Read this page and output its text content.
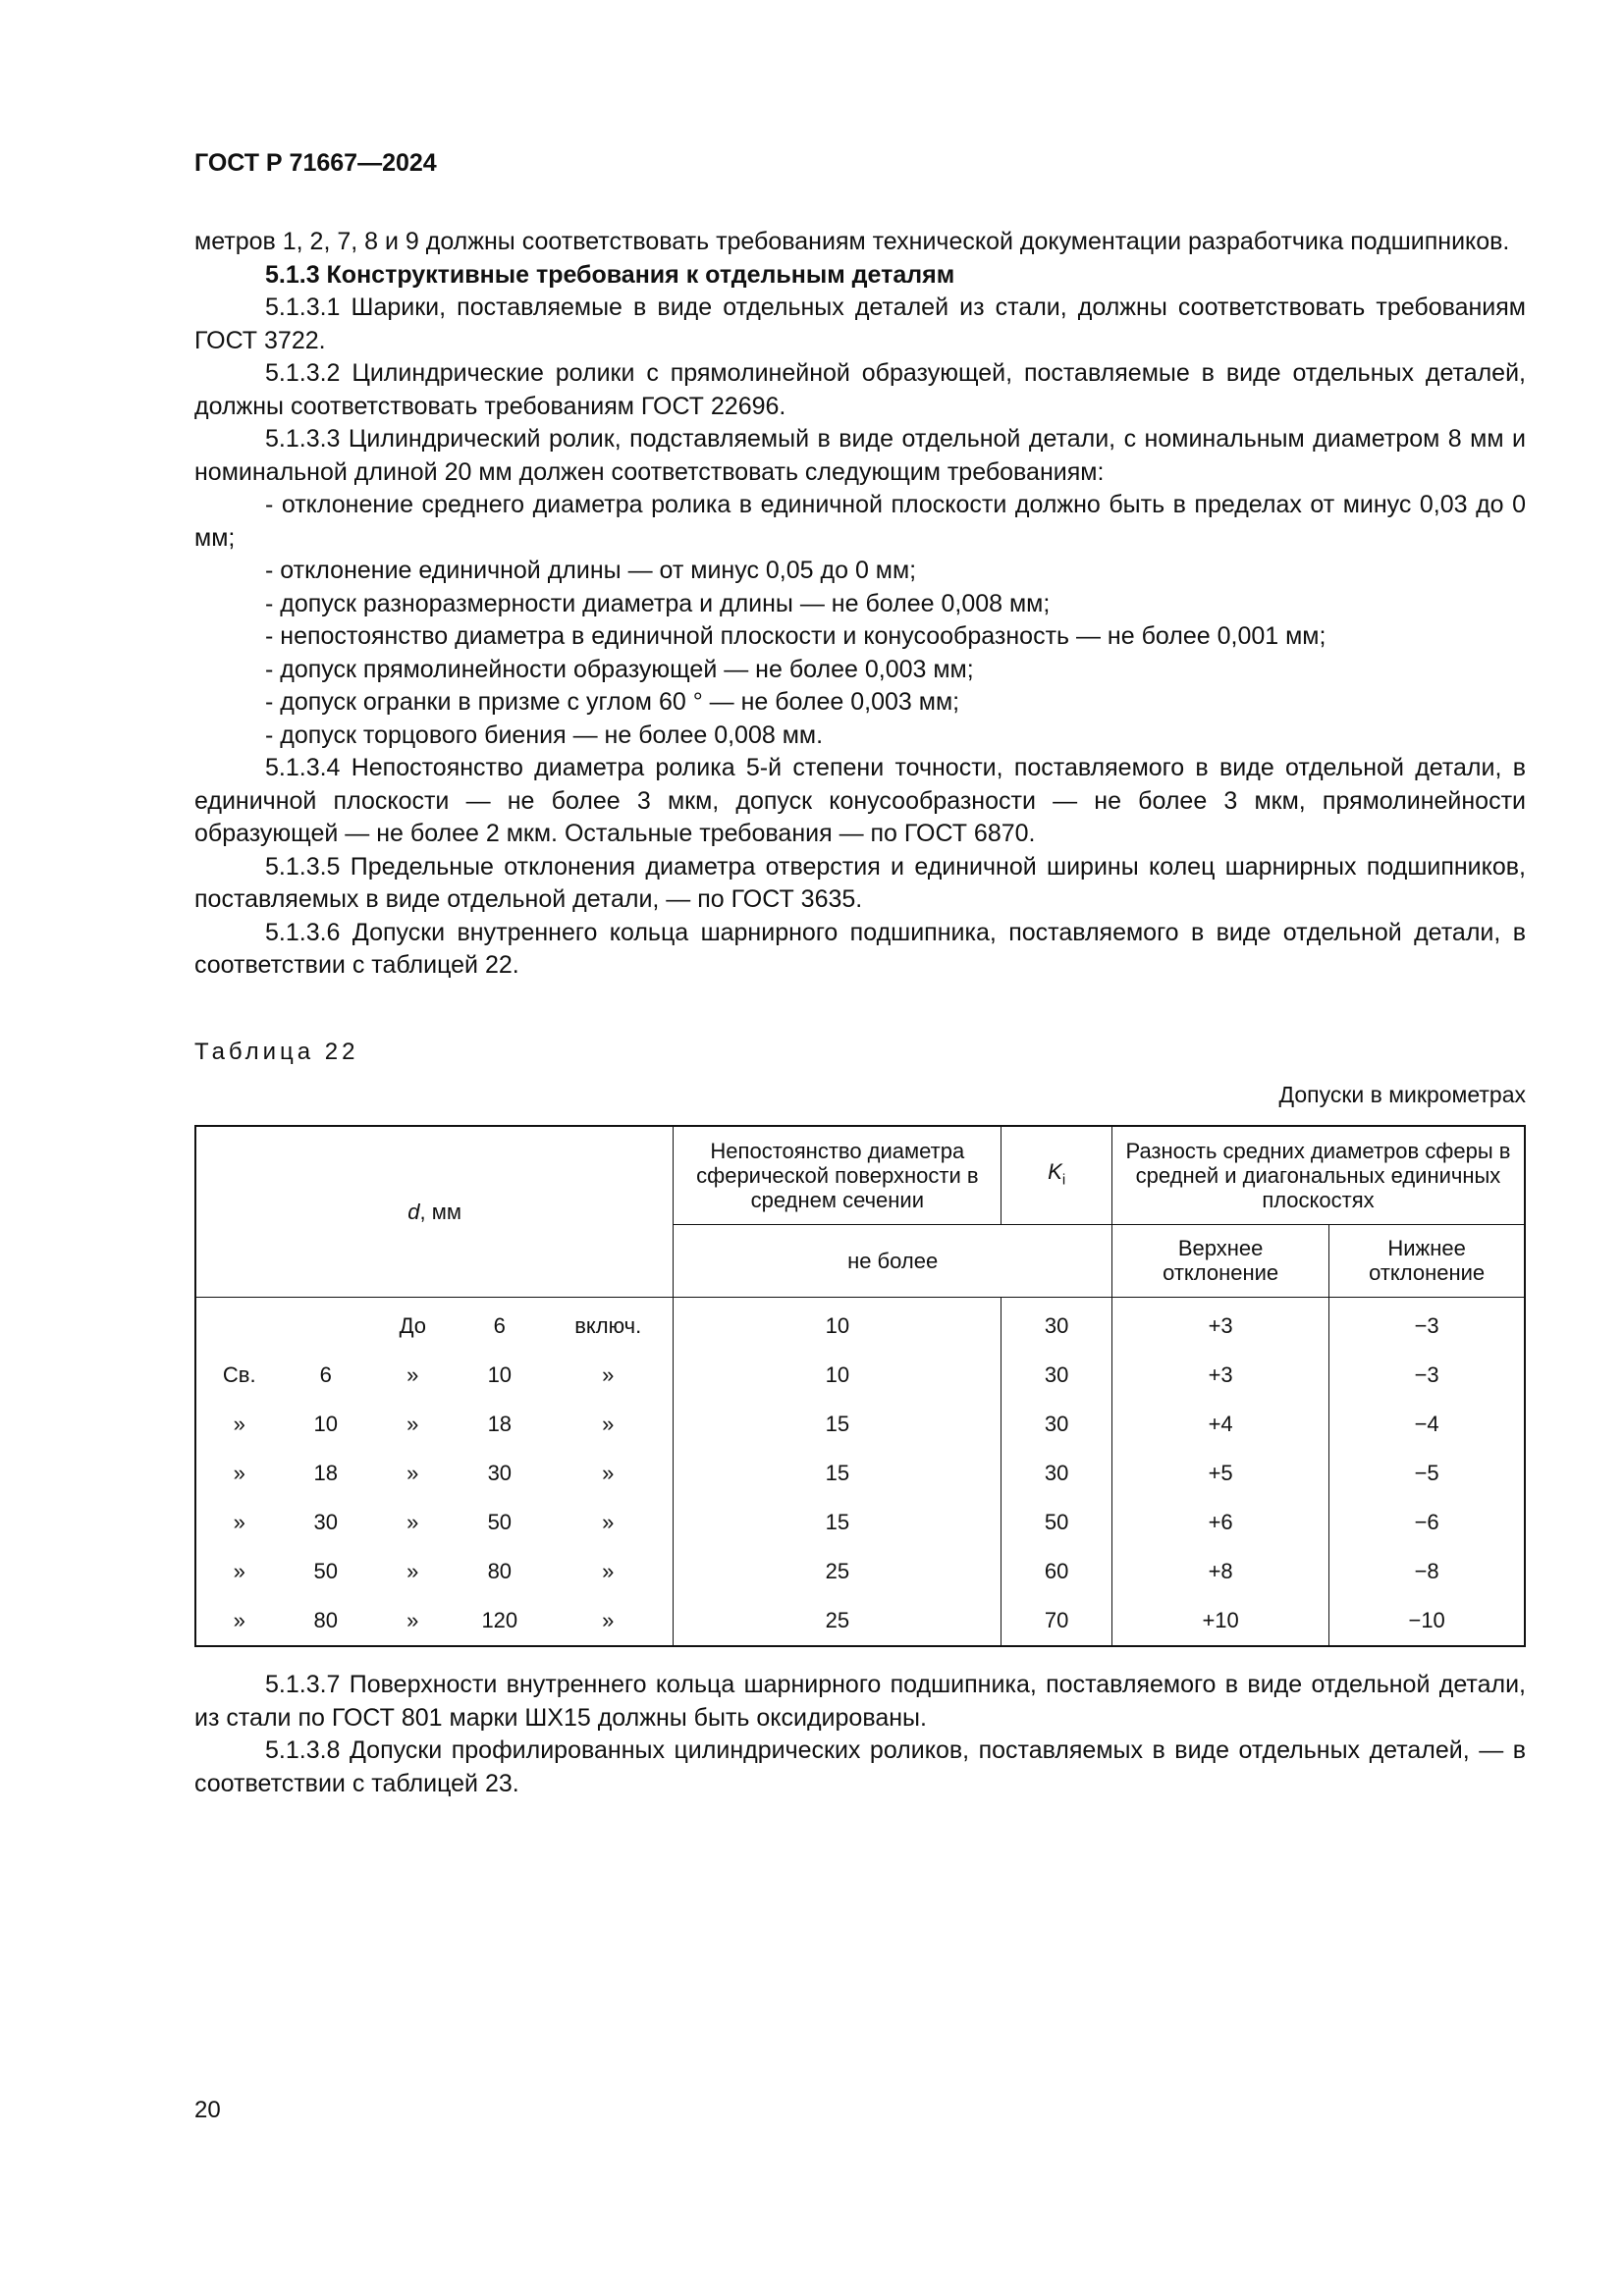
ГОСТ Р 71667—2024

метров 1, 2, 7, 8 и 9 должны соответствовать требованиям технической документации разработчика подшипников.

5.1.3 Конструктивные требования к отдельным деталям

5.1.3.1 Шарики, поставляемые в виде отдельных деталей из стали, должны соответствовать требованиям ГОСТ 3722.

5.1.3.2 Цилиндрические ролики с прямолинейной образующей, поставляемые в виде отдельных деталей, должны соответствовать требованиям ГОСТ 22696.

5.1.3.3 Цилиндрический ролик, подставляемый в виде отдельной детали, с номинальным диаметром 8 мм и номинальной длиной 20 мм должен соответствовать следующим требованиям:

- отклонение среднего диаметра ролика в единичной плоскости должно быть в пределах от минус 0,03 до 0 мм;

- отклонение единичной длины — от минус 0,05 до 0 мм;

- допуск разноразмерности диаметра и длины — не более 0,008 мм;

- непостоянство диаметра в единичной плоскости и конусообразность — не более 0,001 мм;

- допуск прямолинейности образующей — не более 0,003 мм;

- допуск огранки в призме с углом 60 ° — не более 0,003 мм;

- допуск торцового биения — не более 0,008 мм.

5.1.3.4 Непостоянство диаметра ролика 5-й степени точности, поставляемого в виде отдельной детали, в единичной плоскости — не более 3 мкм, допуск конусообразности — не более 3 мкм, прямолинейности образующей — не более 2 мкм. Остальные требования — по ГОСТ 6870.

5.1.3.5 Предельные отклонения диаметра отверстия и единичной ширины колец шарнирных подшипников, поставляемых в виде отдельной детали, — по ГОСТ 3635.

5.1.3.6 Допуски внутреннего кольца шарнирного подшипника, поставляемого в виде отдельной детали, в соответствии с таблицей 22.

Таблица 22
Допуски в микрометрах
d, мм					Непостоянство диаметра сферической поверхности в среднем сечении	$K_i$	Разность средних диаметров сферы в средней и диагональных единичных плоскостях	
					не более		Верхнее отклонение	Нижнее отклонение
		До	6	включ.	10	30	+3	−3
Св.	6	»	10	»	10	30	+3	−3
»	10	»	18	»	15	30	+4	−4
»	18	»	30	»	15	30	+5	−5
»	30	»	50	»	15	50	+6	−6
»	50	»	80	»	25	60	+8	−8
»	80	»	120	»	25	70	+10	−10

5.1.3.7 Поверхности внутреннего кольца шарнирного подшипника, поставляемого в виде отдельной детали, из стали по ГОСТ 801 марки ШХ15 должны быть оксидированы.

5.1.3.8 Допуски профилированных цилиндрических роликов, поставляемых в виде отдельных деталей, — в соответствии с таблицей 23.

20
